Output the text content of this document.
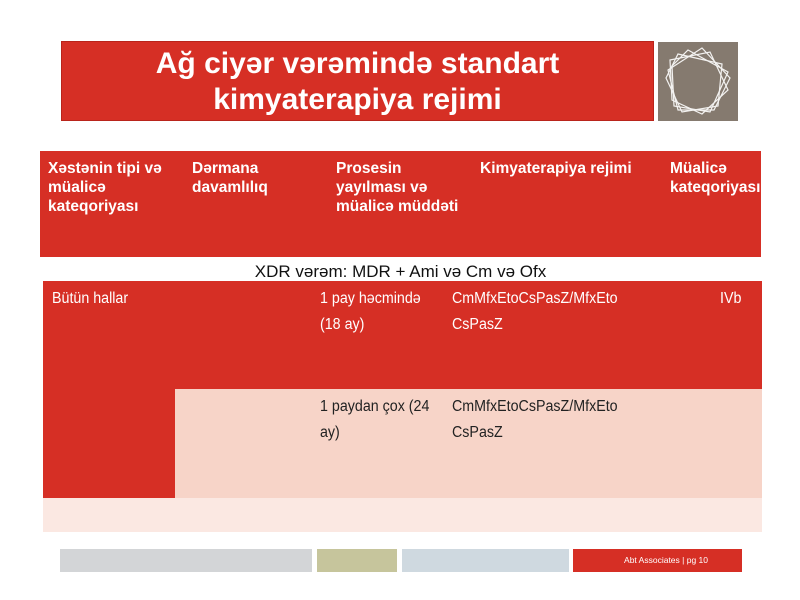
Ağ ciyər vərəmində standart
kimyaterapiya rejimi
Xəstənin tipi və müalicə kateqoriyası
Dərmana davamlılıq
Prosesin yayılması və müalicə müddəti
Kimyaterapiya rejimi	Müalicə kateqoriyası
XDR vərəm: MDR + Ami və Cm və Ofx
Bütün hallar	1 pay həcmində (18 ay)
CmMfxEtoCsPasZ/MfxEto CsPasZ
IVb
1 paydan çox (24 ay)
CmMfxEtoCsPasZ/MfxEto CsPasZ
Abt Associates | pg 10
